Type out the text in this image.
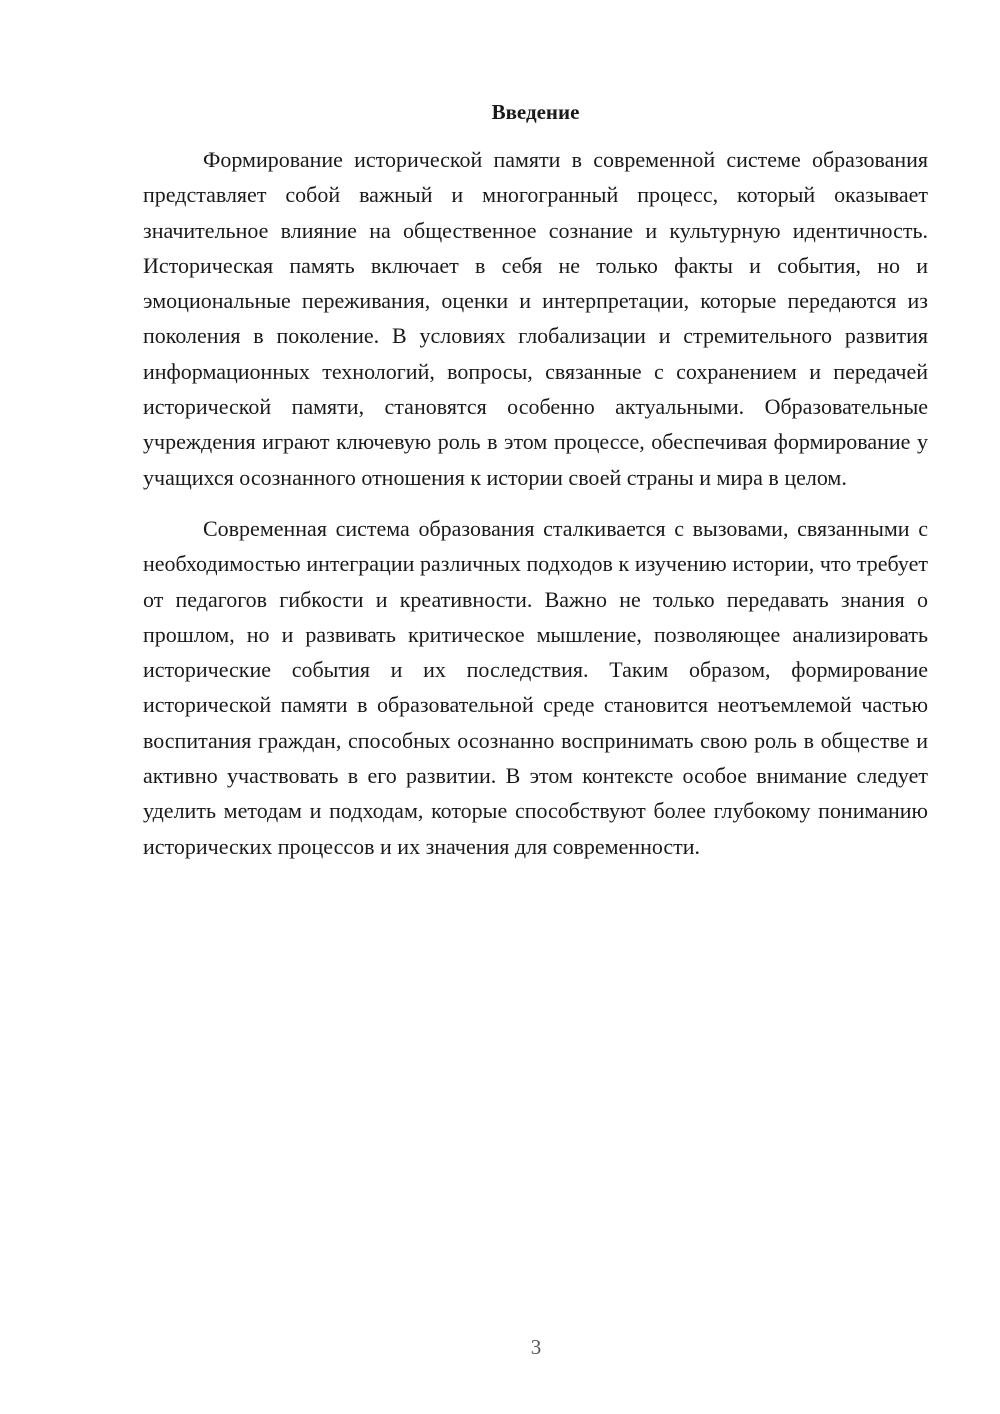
Введение

Формирование исторической памяти в современной системе образования представляет собой важный и многогранный процесс, который оказывает значительное влияние на общественное сознание и культурную идентичность. Историческая память включает в себя не только факты и события, но и эмоциональные переживания, оценки и интерпретации, которые передаются из поколения в поколение. В условиях глобализации и стремительного развития информационных технологий, вопросы, связанные с сохранением и передачей исторической памяти, становятся особенно актуальными. Образовательные учреждения играют ключевую роль в этом процессе, обеспечивая формирование у учащихся осознанного отношения к истории своей страны и мира в целом.

Современная система образования сталкивается с вызовами, связанными с необходимостью интеграции различных подходов к изучению истории, что требует от педагогов гибкости и креативности. Важно не только передавать знания о прошлом, но и развивать критическое мышление, позволяющее анализировать исторические события и их последствия. Таким образом, формирование исторической памяти в образовательной среде становится неотъемлемой частью воспитания граждан, способных осознанно воспринимать свою роль в обществе и активно участвовать в его развитии. В этом контексте особое внимание следует уделить методам и подходам, которые способствуют более глубокому пониманию исторических процессов и их значения для современности.

3
